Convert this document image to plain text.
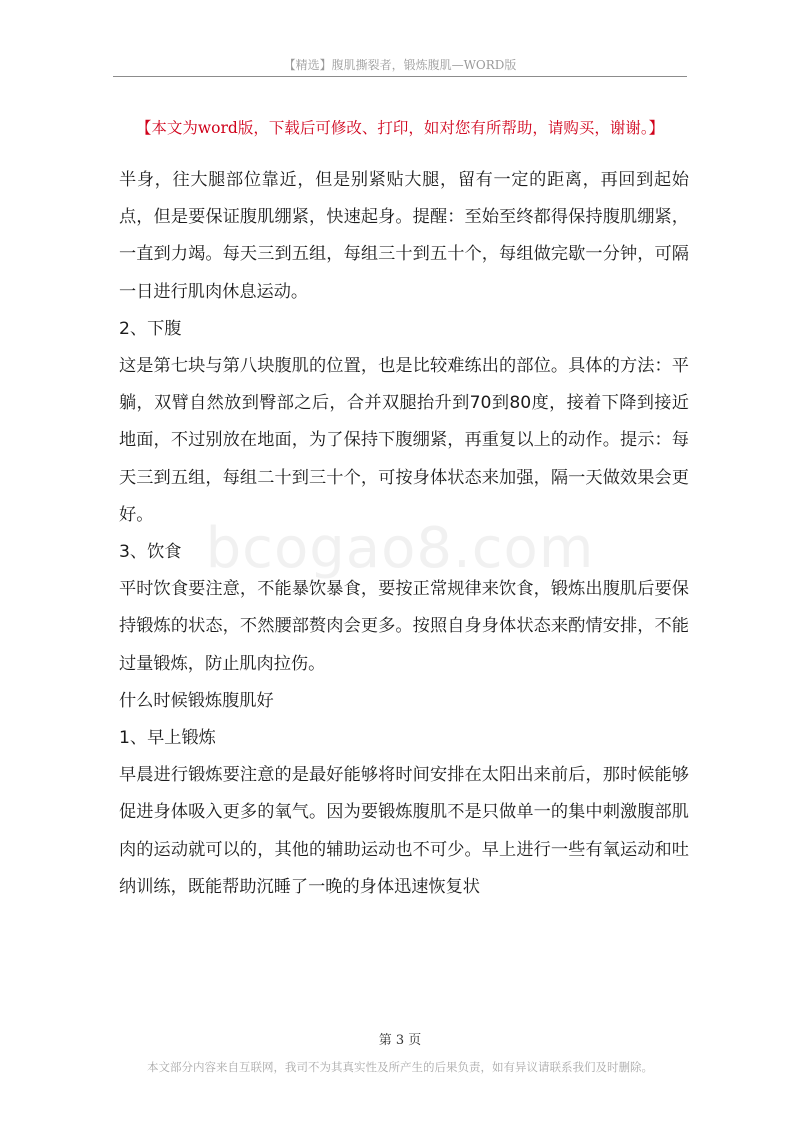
【精选】腹肌撕裂者，锻炼腹肌—WORD版
【本文为word版，下载后可修改、打印，如对您有所帮助，请购买，谢谢。】
bcogao8.com

半身，往大腿部位靠近，但是别紧贴大腿，留有一定的距离，再回到起始点，但是要保证腹肌绷紧，快速起身。提醒：至始至终都得保持腹肌绷紧，一直到力竭。每天三到五组，每组三十到五十个，每组做完歇一分钟，可隔一日进行肌肉休息运动。

2、下腹

这是第七块与第八块腹肌的位置，也是比较难练出的部位。具体的方法：平躺，双臂自然放到臀部之后，合并双腿抬升到70到80度，接着下降到接近地面，不过别放在地面，为了保持下腹绷紧，再重复以上的动作。提示：每天三到五组，每组二十到三十个，可按身体状态来加强，隔一天做效果会更好。

3、饮食

平时饮食要注意，不能暴饮暴食，要按正常规律来饮食，锻炼出腹肌后要保持锻炼的状态，不然腰部赘肉会更多。按照自身身体状态来酌情安排，不能过量锻炼，防止肌肉拉伤。

什么时候锻炼腹肌好

1、早上锻炼

早晨进行锻炼要注意的是最好能够将时间安排在太阳出来前后，那时候能够促进身体吸入更多的氧气。因为要锻炼腹肌不是只做单一的集中刺激腹部肌肉的运动就可以的，其他的辅助运动也不可少。早上进行一些有氧运动和吐纳训练，既能帮助沉睡了一晚的身体迅速恢复状

第 3 页
本文部分内容来自互联网，我司不为其真实性及所产生的后果负责，如有异议请联系我们及时删除。
